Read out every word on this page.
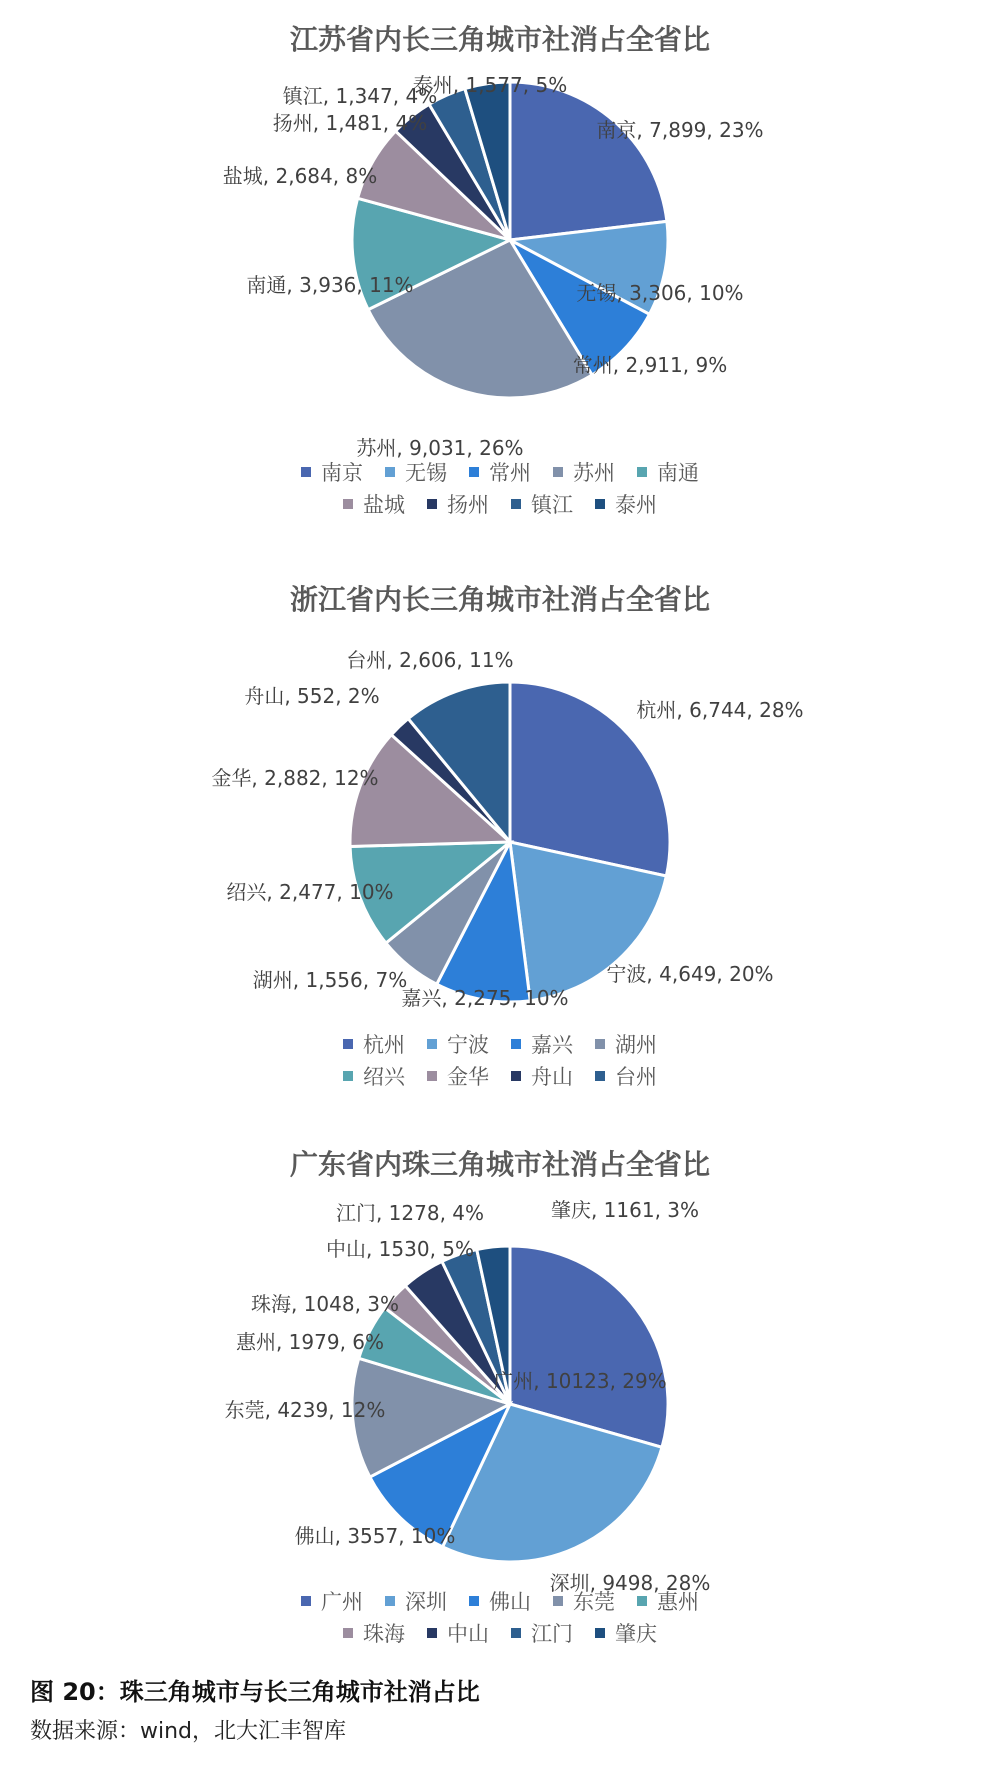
江苏省内长三角城市社消占全省比
南京, 7,899, 23%
无锡, 3,306, 10%
常州, 2,911, 9%
苏州, 9,031, 26%
南通, 3,936, 11%
盐城, 2,684, 8%
扬州, 1,481, 4%
镇江, 1,347, 4%
泰州, 1,577, 5%
南京 无锡 常州 苏州 南通
盐城 扬州 镇江 泰州
浙江省内长三角城市社消占全省比
杭州, 6,744, 28%
宁波, 4,649, 20%
嘉兴, 2,275, 10%
湖州, 1,556, 7%
绍兴, 2,477, 10%
金华, 2,882, 12%
舟山, 552, 2%
台州, 2,606, 11%
杭州 宁波 嘉兴 湖州
绍兴 金华 舟山 台州
广东省内珠三角城市社消占全省比
广州, 10123, 29%
深圳, 9498, 28%
佛山, 3557, 10%
东莞, 4239, 12%
惠州, 1979, 6%
珠海, 1048, 3%
中山, 1530, 5%
江门, 1278, 4%	肇庆, 1161, 3%
广州 深圳 佛山 东莞 惠州
珠海 中山 江门 肇庆

图 20：珠三角城市与长三角城市社消占比

数据来源：wind，北大汇丰智库
